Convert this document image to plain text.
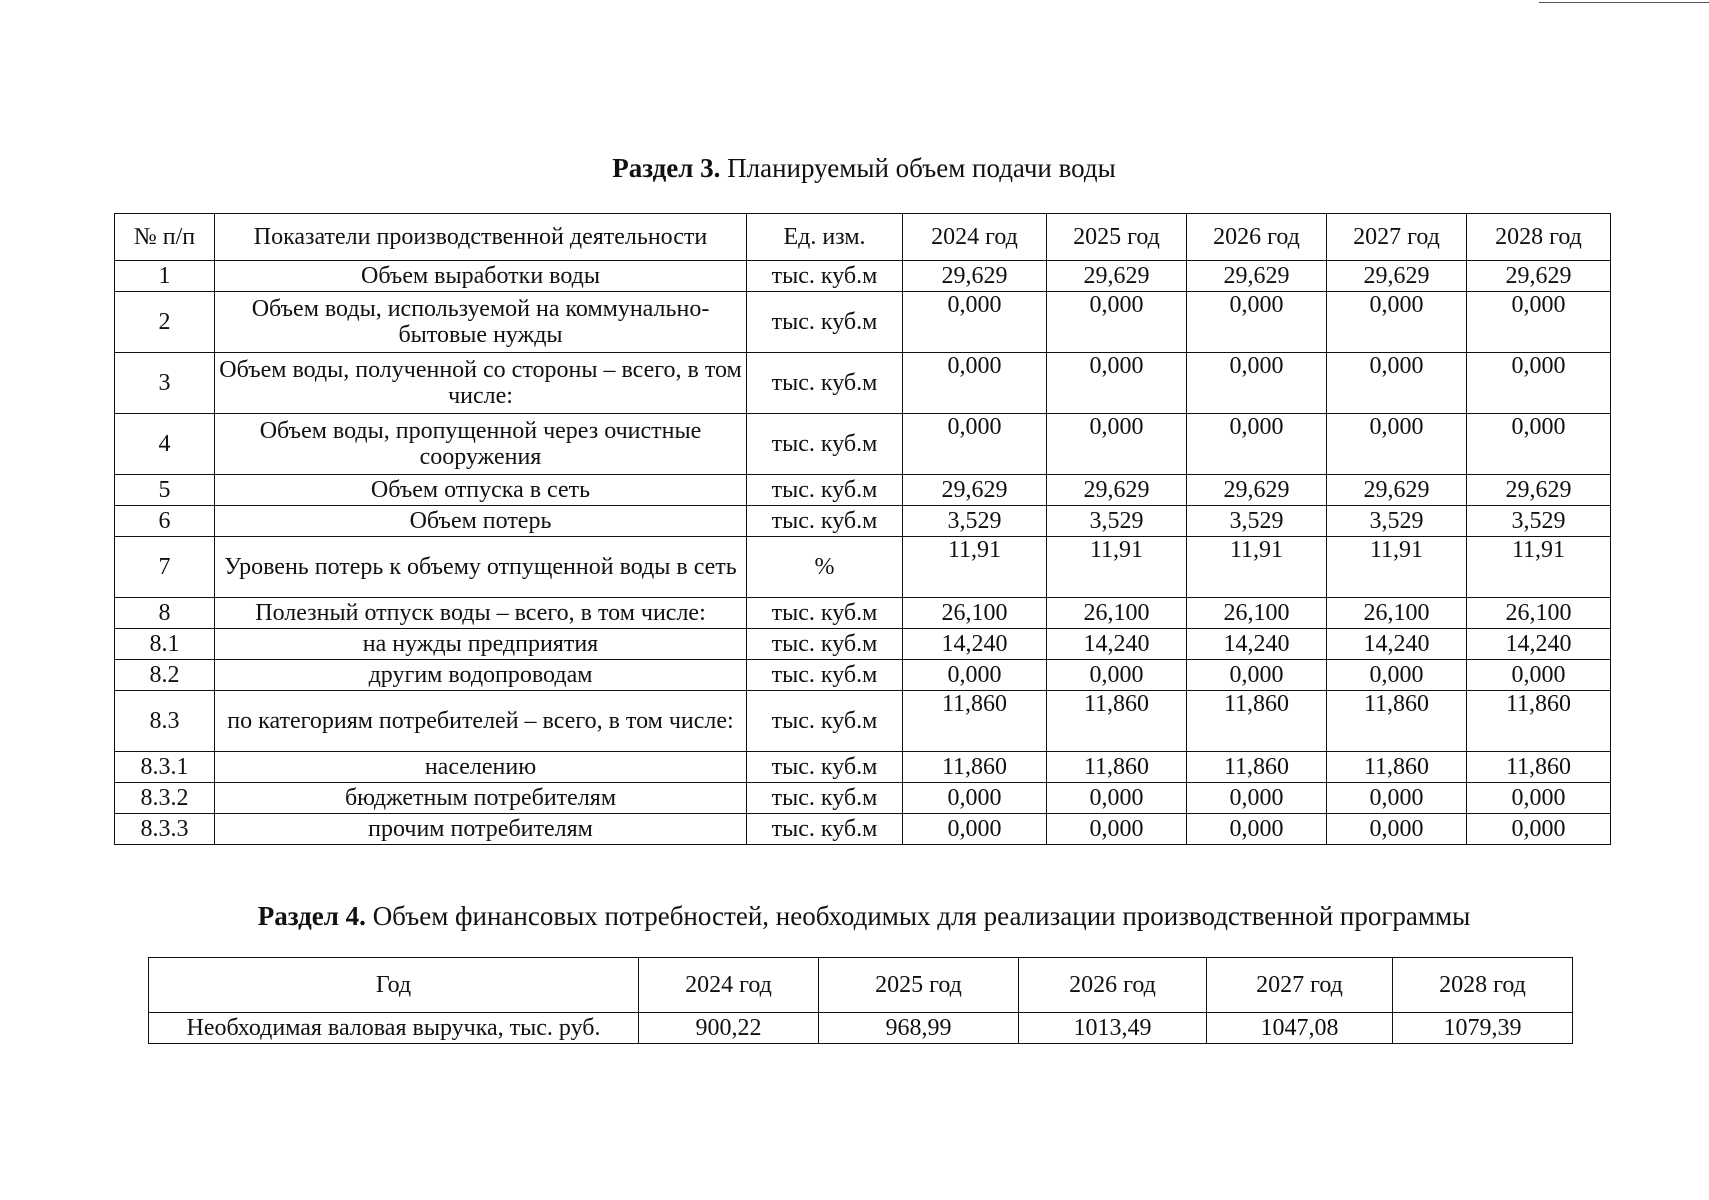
Раздел 3. Планируемый объем подачи воды
№ п/п	Показатели производственной деятельности	Ед. изм.	2024 год	2025 год	2026 год	2027 год	2028 год
1	Объем выработки воды	тыс. куб.м	29,629	29,629	29,629	29,629	29,629
2	Объем воды, используемой на коммунально-бытовые нужды	тыс. куб.м	0,000	0,000	0,000	0,000	0,000
3	Объем воды, полученной со стороны – всего, в том числе:	тыс. куб.м	0,000	0,000	0,000	0,000	0,000
4	Объем воды, пропущенной через очистные сооружения	тыс. куб.м	0,000	0,000	0,000	0,000	0,000
5	Объем отпуска в сеть	тыс. куб.м	29,629	29,629	29,629	29,629	29,629
6	Объем потерь	тыс. куб.м	3,529	3,529	3,529	3,529	3,529
7	Уровень потерь к объему отпущенной воды в сеть	%	11,91	11,91	11,91	11,91	11,91
8	Полезный отпуск воды – всего, в том числе:	тыс. куб.м	26,100	26,100	26,100	26,100	26,100
8.1	на нужды предприятия	тыс. куб.м	14,240	14,240	14,240	14,240	14,240
8.2	другим водопроводам	тыс. куб.м	0,000	0,000	0,000	0,000	0,000
8.3	по категориям потребителей – всего, в том числе:	тыс. куб.м	11,860	11,860	11,860	11,860	11,860
8.3.1	населению	тыс. куб.м	11,860	11,860	11,860	11,860	11,860
8.3.2	бюджетным потребителям	тыс. куб.м	0,000	0,000	0,000	0,000	0,000
8.3.3	прочим потребителям	тыс. куб.м	0,000	0,000	0,000	0,000	0,000
Раздел 4. Объем финансовых потребностей, необходимых для реализации производственной программы
Год	2024 год	2025 год	2026 год	2027 год	2028 год
Необходимая валовая выручка, тыс. руб.	900,22	968,99	1013,49	1047,08	1079,39
